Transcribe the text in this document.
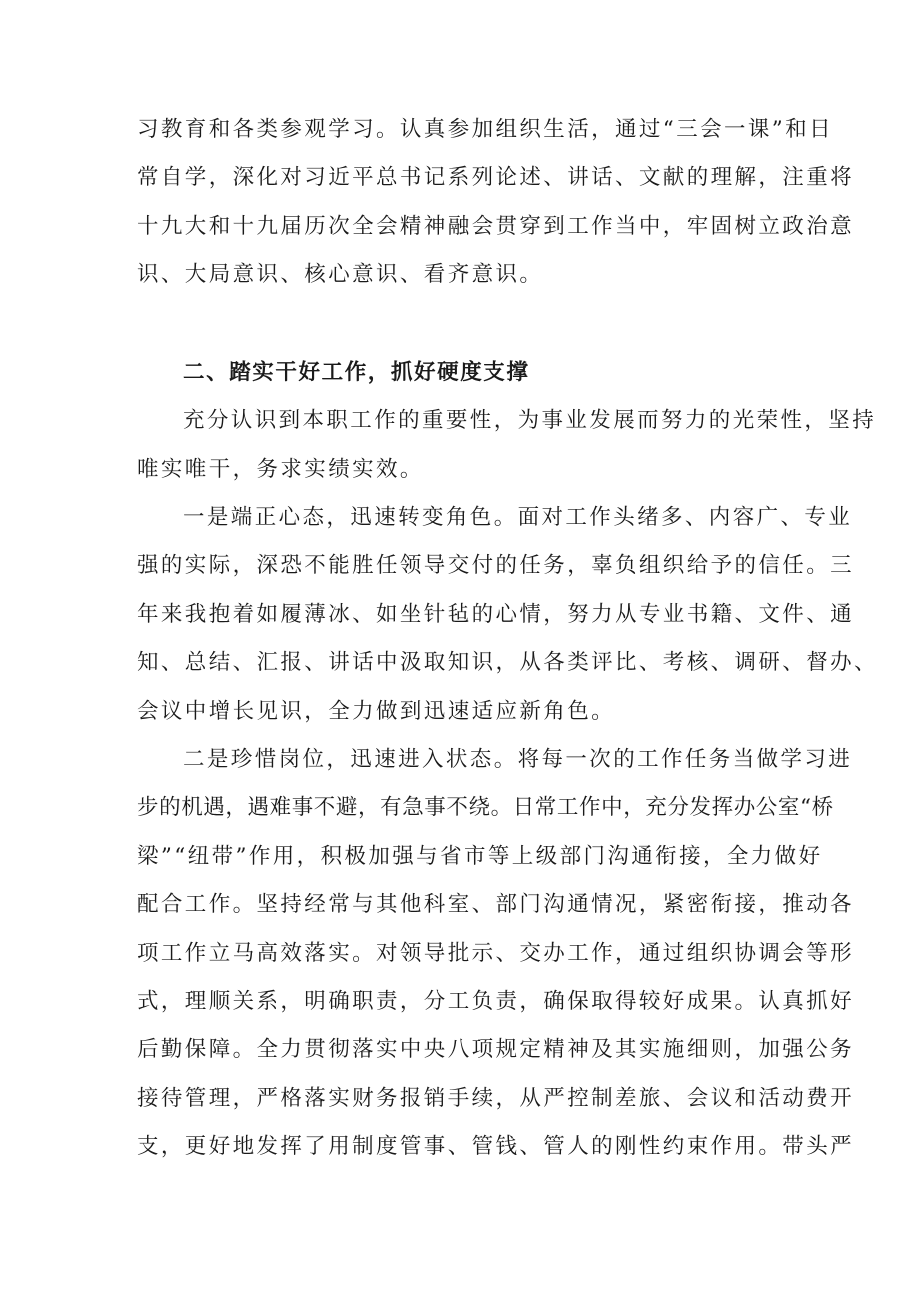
习教育和各类参观学习。认真参加组织生活，通过“三会一课”和日
常自学，深化对习近平总书记系列论述、讲话、文献的理解，注重将
十九大和十九届历次全会精神融会贯穿到工作当中，牢固树立政治意
识、大局意识、核心意识、看齐意识。
二、踏实干好工作，抓好硬度支撑
充分认识到本职工作的重要性，为事业发展而努力的光荣性，坚持
唯实唯干，务求实绩实效。
一是端正心态，迅速转变角色。面对工作头绪多、内容广、专业
强的实际，深恐不能胜任领导交付的任务，辜负组织给予的信任。三
年来我抱着如履薄冰、如坐针毡的心情，努力从专业书籍、文件、通
知、总结、汇报、讲话中汲取知识，从各类评比、考核、调研、督办、
会议中增长见识，全力做到迅速适应新角色。
二是珍惜岗位，迅速进入状态。将每一次的工作任务当做学习进
步的机遇，遇难事不避，有急事不绕。日常工作中，充分发挥办公室“桥
梁”“纽带”作用，积极加强与省市等上级部门沟通衔接，全力做好
配合工作。坚持经常与其他科室、部门沟通情况，紧密衔接，推动各
项工作立马高效落实。对领导批示、交办工作，通过组织协调会等形
式，理顺关系，明确职责，分工负责，确保取得较好成果。认真抓好
后勤保障。全力贯彻落实中央八项规定精神及其实施细则，加强公务
接待管理，严格落实财务报销手续，从严控制差旅、会议和活动费开
支，更好地发挥了用制度管事、管钱、管人的刚性约束作用。带头严
